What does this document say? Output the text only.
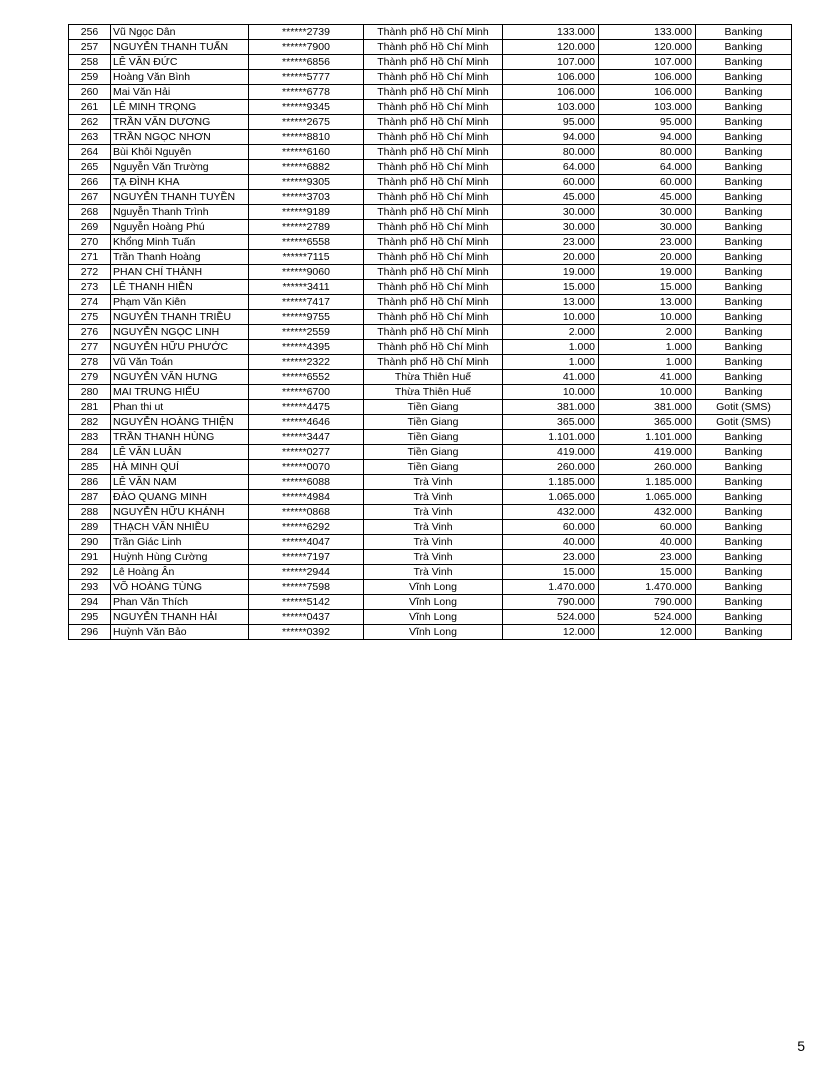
256	Vũ Ngọc Dân	******2739	Thành phố Hồ Chí Minh	133.000	133.000	Banking
257	NGUYỄN THANH TUẤN	******7900	Thành phố Hồ Chí Minh	120.000	120.000	Banking
258	LÊ VĂN ĐỨC	******6856	Thành phố Hồ Chí Minh	107.000	107.000	Banking
259	Hoàng Văn Bình	******5777	Thành phố Hồ Chí Minh	106.000	106.000	Banking
260	Mai Văn Hải	******6778	Thành phố Hồ Chí Minh	106.000	106.000	Banking
261	LÊ MINH TRỌNG	******9345	Thành phố Hồ Chí Minh	103.000	103.000	Banking
262	TRẦN VĂN DƯƠNG	******2675	Thành phố Hồ Chí Minh	95.000	95.000	Banking
263	TRẦN NGỌC NHƠN	******8810	Thành phố Hồ Chí Minh	94.000	94.000	Banking
264	Bùi Khôi Nguyên	******6160	Thành phố Hồ Chí Minh	80.000	80.000	Banking
265	Nguyễn Văn Trường	******6882	Thành phố Hồ Chí Minh	64.000	64.000	Banking
266	TẠ ĐÌNH KHA	******9305	Thành phố Hồ Chí Minh	60.000	60.000	Banking
267	NGUYỄN THANH TUYỀN	******3703	Thành phố Hồ Chí Minh	45.000	45.000	Banking
268	Nguyễn Thanh Trình	******9189	Thành phố Hồ Chí Minh	30.000	30.000	Banking
269	Nguyễn Hoàng Phú	******2789	Thành phố Hồ Chí Minh	30.000	30.000	Banking
270	Khổng Minh Tuấn	******6558	Thành phố Hồ Chí Minh	23.000	23.000	Banking
271	Trần Thanh Hoàng	******7115	Thành phố Hồ Chí Minh	20.000	20.000	Banking
272	PHAN CHÍ THÀNH	******9060	Thành phố Hồ Chí Minh	19.000	19.000	Banking
273	LÊ THANH HIỀN	******3411	Thành phố Hồ Chí Minh	15.000	15.000	Banking
274	Phạm Văn Kiên	******7417	Thành phố Hồ Chí Minh	13.000	13.000	Banking
275	NGUYỄN THANH TRIỀU	******9755	Thành phố Hồ Chí Minh	10.000	10.000	Banking
276	NGUYỄN NGỌC LINH	******2559	Thành phố Hồ Chí Minh	2.000	2.000	Banking
277	NGUYỄN HỮU PHƯỚC	******4395	Thành phố Hồ Chí Minh	1.000	1.000	Banking
278	Vũ Văn Toán	******2322	Thành phố Hồ Chí Minh	1.000	1.000	Banking
279	NGUYỄN VĂN HƯNG	******6552	Thừa Thiên Huế	41.000	41.000	Banking
280	MAI TRUNG HIẾU	******6700	Thừa Thiên Huế	10.000	10.000	Banking
281	Phan thi ut	******4475	Tiền Giang	381.000	381.000	Gotit (SMS)
282	NGUYỄN HOÀNG THIỆN	******4646	Tiền Giang	365.000	365.000	Gotit (SMS)
283	TRẦN THANH HÙNG	******3447	Tiền Giang	1.101.000	1.101.000	Banking
284	LÊ VĂN LUÂN	******0277	Tiền Giang	419.000	419.000	Banking
285	HÀ MINH QUÍ	******0070	Tiền Giang	260.000	260.000	Banking
286	LÊ VĂN NAM	******6088	Trà Vinh	1.185.000	1.185.000	Banking
287	ĐÀO QUANG MINH	******4984	Trà Vinh	1.065.000	1.065.000	Banking
288	NGUYỄN HỮU KHÁNH	******0868	Trà Vinh	432.000	432.000	Banking
289	THẠCH VĂN NHIỀU	******6292	Trà Vinh	60.000	60.000	Banking
290	Trần Giác Linh	******4047	Trà Vinh	40.000	40.000	Banking
291	Huỳnh Hùng Cường	******7197	Trà Vinh	23.000	23.000	Banking
292	Lê Hoàng Ân	******2944	Trà Vinh	15.000	15.000	Banking
293	VÕ HOÀNG TÙNG	******7598	Vĩnh Long	1.470.000	1.470.000	Banking
294	Phan Văn Thích	******5142	Vĩnh Long	790.000	790.000	Banking
295	NGUYỄN THANH HẢI	******0437	Vĩnh Long	524.000	524.000	Banking
296	Huỳnh Văn Bảo	******0392	Vĩnh Long	12.000	12.000	Banking
5
